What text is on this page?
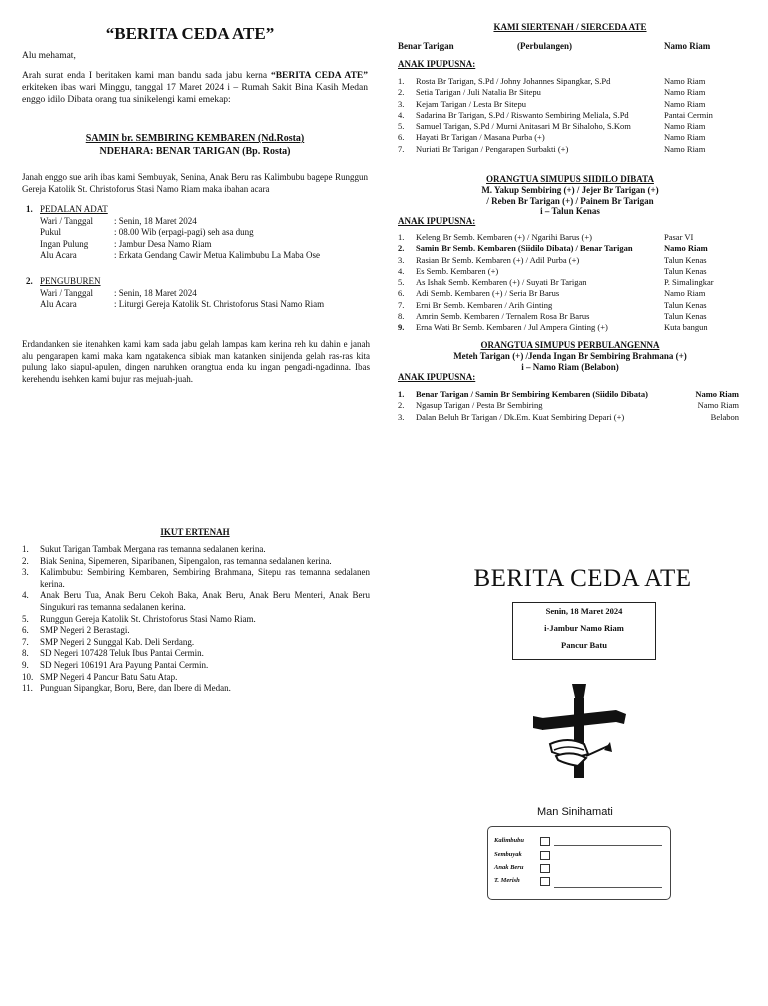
“BERITA CEDA ATE”
Alu mehamat,
Arah surat enda I beritaken kami man bandu sada jabu kerna “BERITA CEDA ATE” erkiteken ibas wari Minggu, tanggal 17 Maret 2024 i – Rumah Sakit Bina Kasih Medan enggo idilo Dibata orang tua sinikelengi kami emekap:
SAMIN br. SEMBIRING KEMBAREN (Nd.Rosta)
NDEHARA: BENAR TARIGAN (Bp. Rosta)
Janah enggo sue arih ibas kami Sembuyak, Senina, Anak Beru ras Kalimbubu bagepe Runggun Gereja Katolik St. Christoforus Stasi Namo Riam maka ibahan acara
1. PEDALAN ADAT
Wari / Tanggal : Senin, 18 Maret 2024
Pukul	: 08.00 Wib (erpagi-pagi) seh asa dung
Ingan Pulung	: Jambur Desa Namo Riam
Alu Acara	: Erkata Gendang Cawir Metua Kalimbubu La Maba Ose
2. PENGUBUREN
Wari / Tanggal : Senin, 18 Maret 2024
Alu Acara	: Liturgi Gereja Katolik St. Christoforus Stasi Namo Riam
Erdandanken sie itenahken kami kam sada jabu gelah lampas kam kerina reh ku dahin e janah alu pengarapen kami maka kam ngatakenca sibiak man katanken sinijenda gelah ras-ras kita pulung lako siapul-apulen, dingen naruhken orangtua enda ku ingan pengadi-ngadinna. Ibas kerehendu isehken kami bujur ras mejuah-juah.
KAMI SIERTENAH / SIERCEDA ATE
Benar Tarigan	(Perbulangen)	Namo Riam
ANAK IPUPUSNA:
1. Rosta Br Tarigan, S.Pd / Johny Johannes Sipangkar, S.Pd	Namo Riam
2. Setia Tarigan / Juli Natalia Br Sitepu	Namo Riam
3. Kejam Tarigan / Lesta Br Sitepu	Namo Riam
4. Sadarina Br Tarigan, S.Pd / Riswanto Sembiring Meliala, S.Pd	Pantai Cermin
5. Samuel Tarigan, S.Pd / Murni Anitasari M Br Sihaloho, S.Kom	Namo Riam
6. Hayati Br Tarigan / Masana Purba (+)	Namo Riam
7. Nuriati Br Tarigan / Pengarapen Surbakti (+)	Namo Riam
ORANGTUA SIMUPUS SIIDILO DIBATA
M. Yakup Sembiring (+) / Jejer Br Tarigan (+)
/ Reben Br Tarigan (+) / Painem Br Tarigan
i – Talun Kenas
ANAK IPUPUSNA:
1. Keleng Br Semb. Kembaren (+) / Ngarihi Barus (+)	Pasar VI
2. Samin Br Semb. Kembaren (Siidilo Dibata) / Benar Tarigan	Namo Riam
3. Rasian Br Semb. Kembaren (+) / Adil Purba (+)	Talun Kenas
4. Es Semb. Kembaren (+)	Talun Kenas
5. As Ishak Semb. Kembaren (+) / Suyati Br Tarigan	P. Simalingkar
6. Adi Semb. Kembaren (+) / Seria Br Barus	Namo Riam
7. Erni Br Semb. Kembaren / Arih Ginting	Talun Kenas
8. Amrin Semb. Kembaren / Ternalem Rosa Br Barus	Talun Kenas
9. Erna Wati Br Semb. Kembaren / Jul Ampera Ginting (+)	Kuta bangun
ORANGTUA SIMUPUS PERBULANGENNA
Meteh Tarigan (+) /Jenda Ingan Br Sembiring Brahmana (+)
i – Namo Riam (Belabon)
ANAK IPUPUSNA:
1. Benar Tarigan / Samin Br Sembiring Kembaren (Siidilo Dibata)	Namo Riam
2. Ngasup Tarigan / Pesta Br Sembiring	Namo Riam
3. Dalan Beluh Br Tarigan / Dk.Em. Kuat Sembiring Depari (+)	Belabon
IKUT ERTENAH
1. Sukut Tarigan Tambak Mergana ras temanna sedalanen kerina.
2. Biak Senina, Sipemeren, Siparibanen, Sipengalon, ras temanna sedalanen kerina.
3. Kalimbubu: Sembiring Kembaren, Sembiring Brahmana, Sitepu ras temanna sedalanen kerina.
4. Anak Beru Tua, Anak Beru Cekoh Baka, Anak Beru, Anak Beru Menteri, Anak Beru Singukuri ras temanna sedalanen kerina.
5. Runggun Gereja Katolik St. Christoforus Stasi Namo Riam.
6. SMP Negeri 2 Berastagi.
7. SMP Negeri 2 Sunggal Kab. Deli Serdang.
8. SD Negeri 107428 Teluk Ibus Pantai Cermin.
9. SD Negeri 106191 Ara Payung Pantai Cermin.
10. SMP Negeri 4 Pancur Batu Satu Atap.
11. Punguan Sipangkar, Boru, Bere, dan Ibere di Medan.
BERITA CEDA ATE
Senin, 18 Maret 2024
i-Jambur Namo Riam
Pancur Batu
Man Sinihamati
Kalimbubu
Sembuyak
Anak Beru
T. Merish
